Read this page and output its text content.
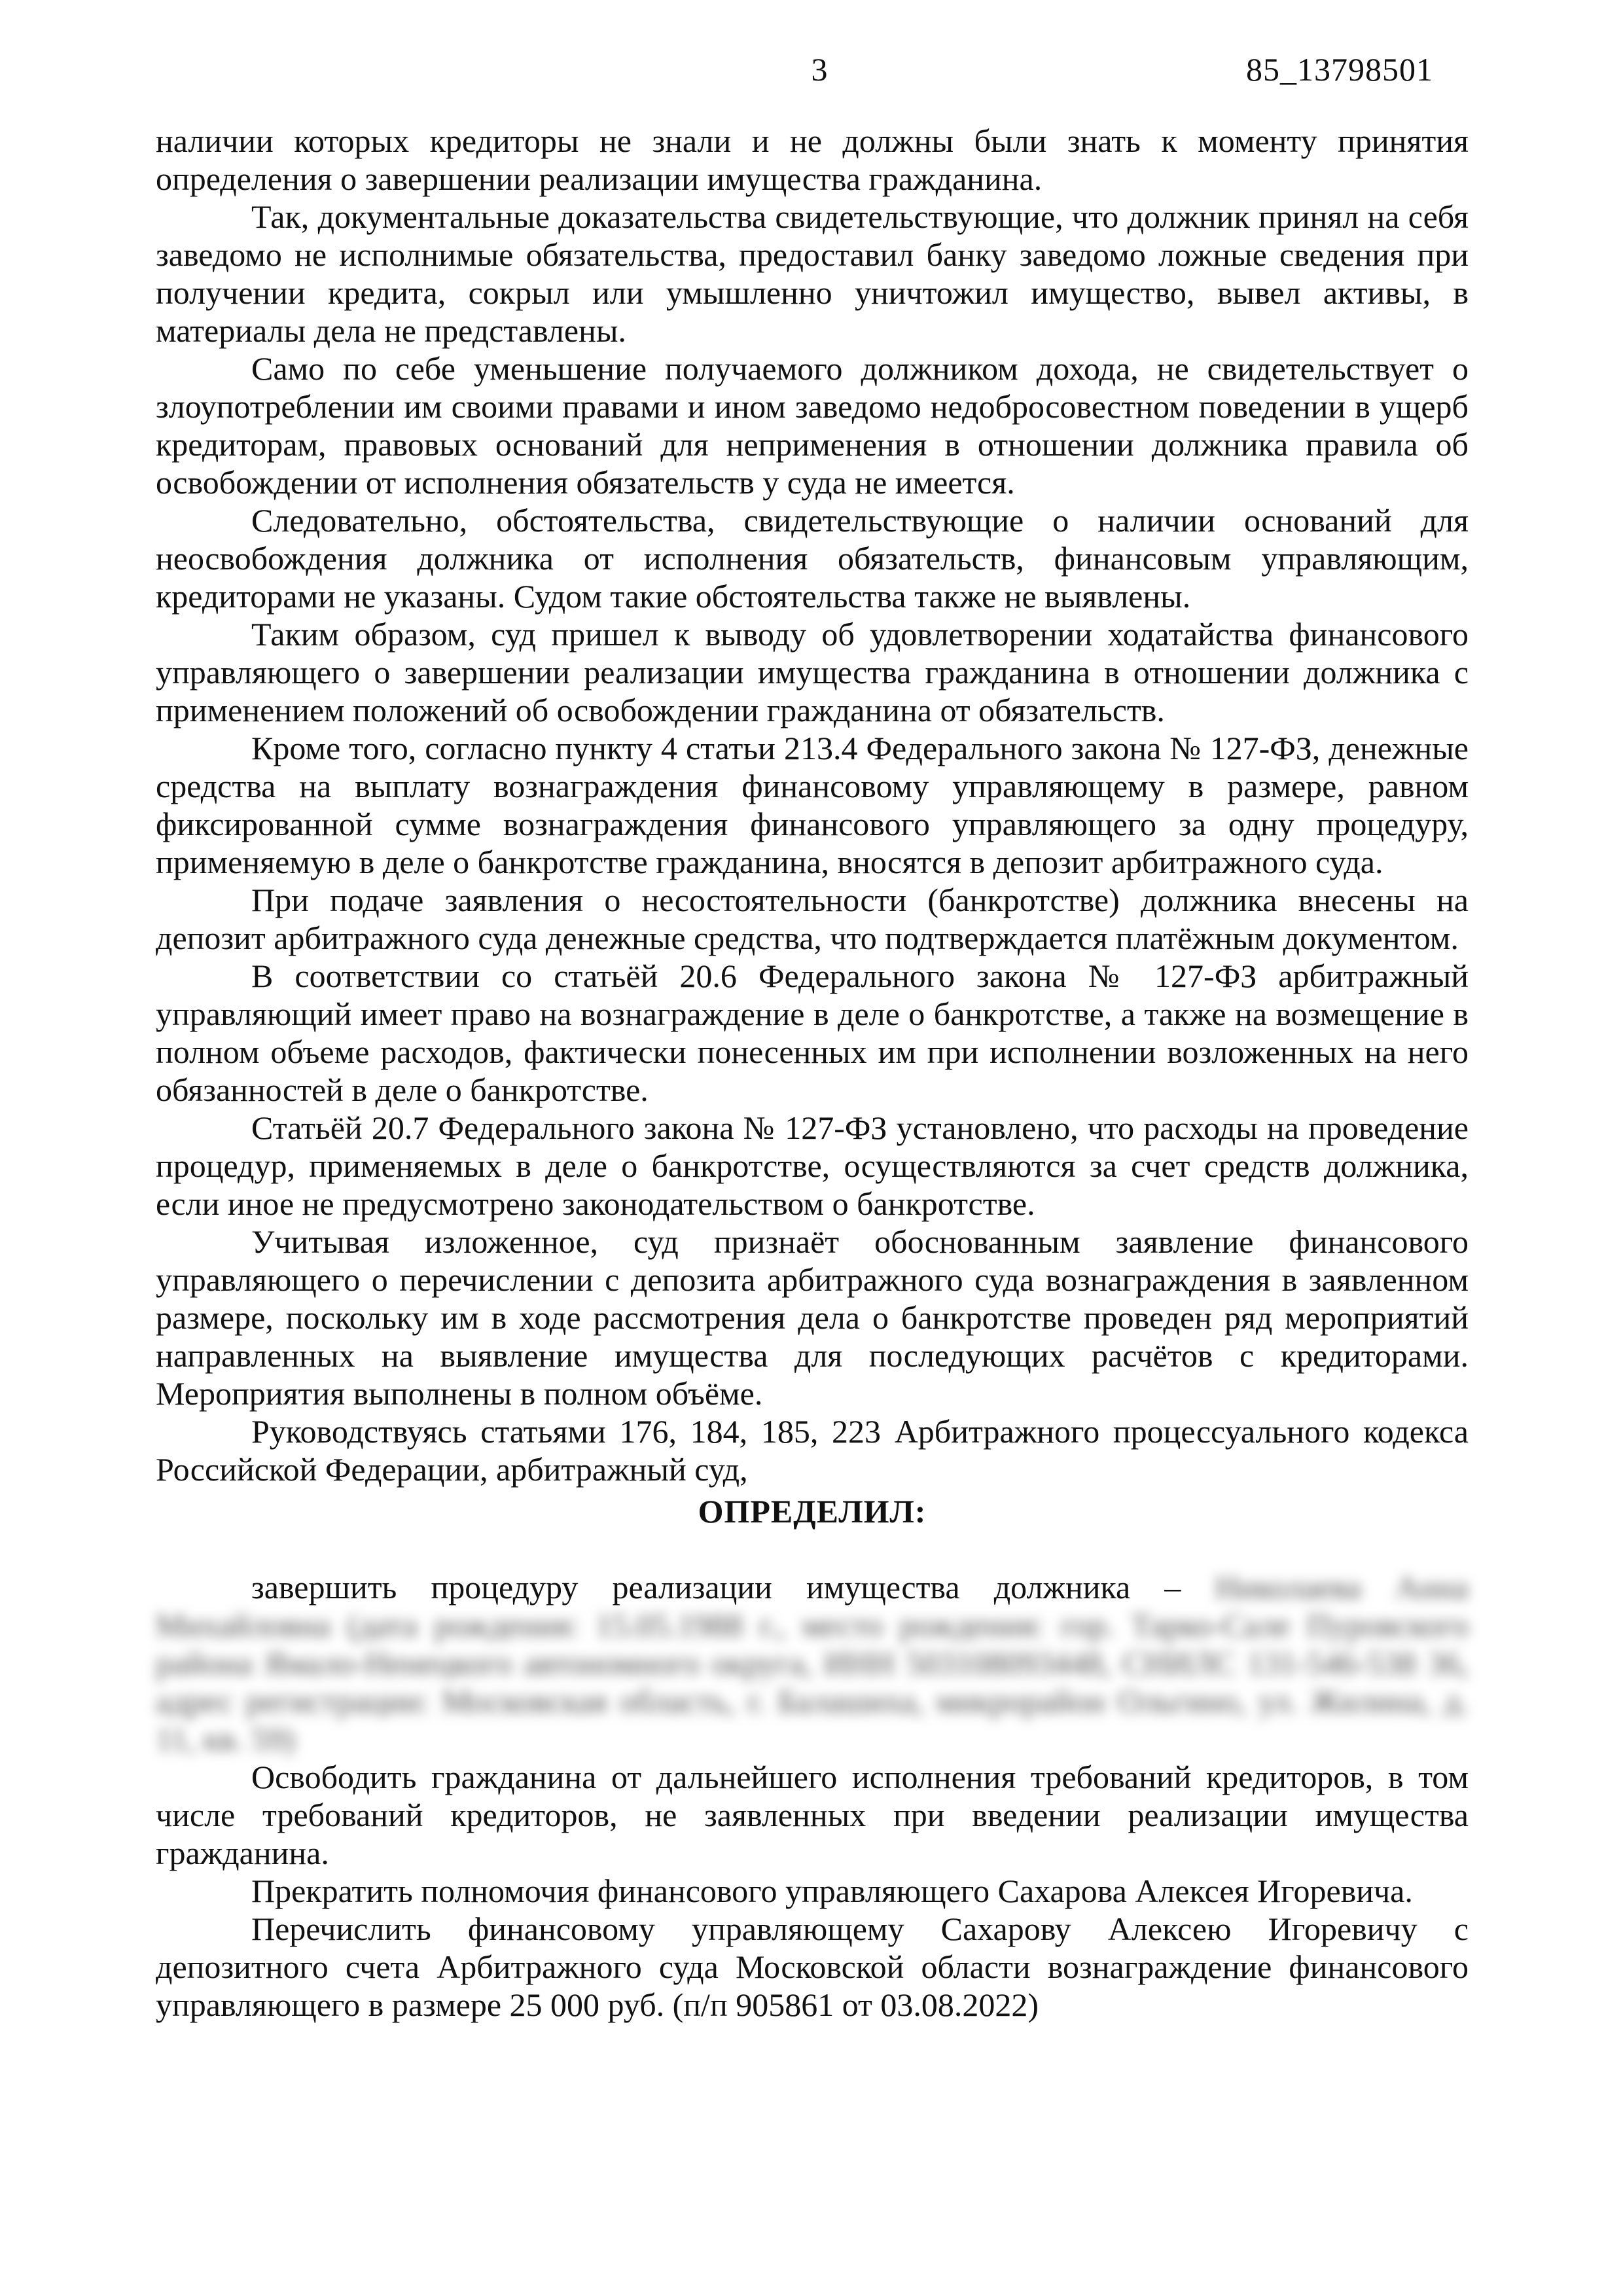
3	85_13798501

наличии которых кредиторы не знали и не должны были знать к моменту принятия определения о завершении реализации имущества гражданина.

Так, документальные доказательства свидетельствующие, что должник принял на себя заведомо не исполнимые обязательства, предоставил банку заведомо ложные сведения при получении кредита, сокрыл или умышленно уничтожил имущество, вывел активы, в материалы дела не представлены.

Само по себе уменьшение получаемого должником дохода, не свидетельствует о злоупотреблении им своими правами и ином заведомо недобросовестном поведении в ущерб кредиторам, правовых оснований для неприменения в отношении должника правила об освобождении от исполнения обязательств у суда не имеется.

Следовательно, обстоятельства, свидетельствующие о наличии оснований для неосвобождения должника от исполнения обязательств, финансовым управляющим, кредиторами не указаны. Судом такие обстоятельства также не выявлены.

Таким образом, суд пришел к выводу об удовлетворении ходатайства финансового управляющего о завершении реализации имущества гражданина в отношении должника с применением положений об освобождении гражданина от обязательств.

Кроме того, согласно пункту 4 статьи 213.4 Федерального закона № 127-ФЗ, денежные средства на выплату вознаграждения финансовому управляющему в размере, равном фиксированной сумме вознаграждения финансового управляющего за одну процедуру, применяемую в деле о банкротстве гражданина, вносятся в депозит арбитражного суда.

При подаче заявления о несостоятельности (банкротстве) должника внесены на депозит арбитражного суда денежные средства, что подтверждается платёжным документом.

В соответствии со статьёй 20.6 Федерального закона № 127-ФЗ арбитражный управляющий имеет право на вознаграждение в деле о банкротстве, а также на возмещение в полном объеме расходов, фактически понесенных им при исполнении возложенных на него обязанностей в деле о банкротстве.

Статьёй 20.7 Федерального закона № 127-ФЗ установлено, что расходы на проведение процедур, применяемых в деле о банкротстве, осуществляются за счет средств должника, если иное не предусмотрено законодательством о банкротстве.

Учитывая изложенное, суд признаёт обоснованным заявление финансового управляющего о перечислении с депозита арбитражного суда вознаграждения в заявленном размере, поскольку им в ходе рассмотрения дела о банкротстве проведен ряд мероприятий направленных на выявление имущества для последующих расчётов с кредиторами. Мероприятия выполнены в полном объёме.

Руководствуясь статьями 176, 184, 185, 223 Арбитражного процессуального кодекса Российской Федерации, арбитражный суд,

ОПРЕДЕЛИЛ:

завершить процедуру реализации имущества должника – Николаева Анна Михайловна (дата рождения: 15.05.1988 г., место рождения: гор. Тарко-Сале Пуровского района Ямало-Ненецкого автономного округа, ИНН 503108093448, СНИЛС 131-546-538 36, адрес регистрации: Московская область, г. Балашиха, микрорайон Ольгино, ул. Жилина, д. 11, кв. 59)

Освободить гражданина от дальнейшего исполнения требований кредиторов, в том числе требований кредиторов, не заявленных при введении реализации имущества гражданина.

Прекратить полномочия финансового управляющего Сахарова Алексея Игоревича.

Перечислить финансовому управляющему Сахарову Алексею Игоревичу с депозитного счета Арбитражного суда Московской области вознаграждение финансового управляющего в размере 25 000 руб. (п/п 905861 от 03.08.2022)
